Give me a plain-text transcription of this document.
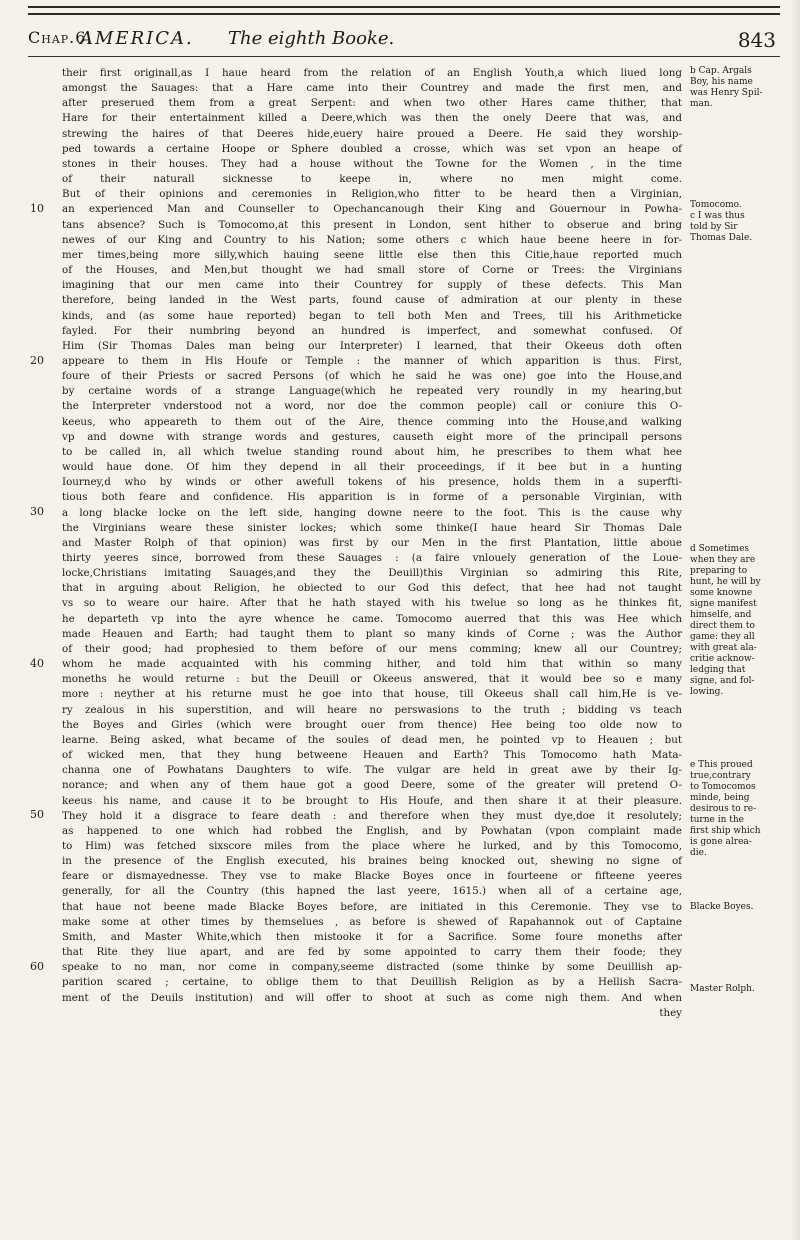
Chap.6.
AMERICA. The eighth Booke.	843
10
20
30
40
50
60

their first originall,as I haue heard from the relation of an English Youth,a which liued long

amongst the Sauages: that a Hare came into their Countrey and made the first men, and

after preserued them from a great Serpent: and when two other Hares came thither, that

Hare for their entertainment killed a Deere,which was then the onely Deere that was, and

strewing the haires of that Deeres hide,euery haire proued a Deere. He said they worship-

ped towards a certaine Hoope or Sphere doubled a crosse, which was set vpon an heape of

stones in their houses. They had a house without the Towne for the Women , in the time

of their naturall sicknesse to keepe in, where no men might come.

But of their opinions and ceremonies in Religion,who fitter to be heard then a Virginian,

an experienced Man and Counseller to Opechancanough their King and Gouernour in Powha-

tans absence? Such is Tomocomo,at this present in London, sent hither to obserue and bring

newes of our King and Country to his Nation; some others c which haue beene heere in for-

mer times,being more silly,which hauing seene little else then this Citie,haue reported much

of the Houses, and Men,but thought we had small store of Corne or Trees: the Virginians

imagining that our men came into their Countrey for supply of these defects. This Man

therefore, being landed in the West parts, found cause of admiration at our plenty in these

kinds, and (as some haue reported) began to tell both Men and Trees, till his Arithmeticke

fayled. For their numbring beyond an hundred is imperfect, and somewhat confused. Of

Him (Sir Thomas Dales man being our Interpreter) I learned, that their Okeeus doth often

appeare to them in His Houfe or Temple : the manner of which apparition is thus. First,

foure of their Priests or sacred Persons (of which he said he was one) goe into the House,and

by certaine words of a strange Language(which he repeated very roundly in my hearing,but

the Interpreter vnderstood not a word, nor doe the common people) call or coniure this O-

keeus, who appeareth to them out of the Aire, thence comming into the House,and walking

vp and downe with strange words and gestures, causeth eight more of the principall persons

to be called in, all which twelue standing round about him, he prescribes to them what hee

would haue done. Of him they depend in all their proceedings, if it bee but in a hunting

Iourney,d who by winds or other awefull tokens of his presence, holds them in a superfti-

tious both feare and confidence. His apparition is in forme of a personable Virginian, with

a long blacke locke on the left side, hanging downe neere to the foot. This is the cause why

the Virginians weare these sinister lockes; which some thinke(I haue heard Sir Thomas Dale

and Master Rolph of that opinion) was first by our Men in the first Plantation, little aboue

thirty yeeres since, borrowed from these Sauages : (a faire vnlouely generation of the Loue-

locke,Christians imitating Sauages,and they the Deuill)this Virginian so admiring this Rite,

that in arguing about Religion, he obiected to our God this defect, that hee had not taught

vs so to weare our haire. After that he hath stayed with his twelue so long as he thinkes fit,

he departeth vp into the ayre whence he came. Tomocomo auerred that this was Hee which

made Heauen and Earth; had taught them to plant so many kinds of Corne ; was the Author

of their good; had prophesied to them before of our mens comming; knew all our Countrey;

whom he made acquainted with his comming hither, and told him that within so many

moneths he would returne : but the Deuill or Okeeus answered, that it would bee so e many

more : neyther at his returne must he goe into that house, till Okeeus shall call him,He is ve-

ry zealous in his superstition, and will heare no perswasions to the truth ; bidding vs teach

the Boyes and Girles (which were brought ouer from thence) Hee being too olde now to

learne. Being asked, what became of the soules of dead men, he pointed vp to Heauen ; but

of wicked men, that they hung betweene Heauen and Earth? This Tomocomo hath Mata-

channa one of Powhatans Daughters to wife. The vulgar are held in great awe by their Ig-

norance; and when any of them haue got a good Deere, some of the greater will pretend O-

keeus his name, and cause it to be brought to His Houfe, and then share it at their pleasure.

They hold it a disgrace to feare death : and therefore when they must dye,doe it resolutely;

as happened to one which had robbed the English, and by Powhatan (vpon complaint made

to Him) was fetched sixscore miles from the place where he lurked, and by this Tomocomo,

in the presence of the English executed, his braines being knocked out, shewing no signe of

feare or dismayednesse. They vse to make Blacke Boyes once in fourteene or fifteene yeeres

generally, for all the Country (this hapned the last yeere, 1615.) when all of a certaine age,

that haue not beene made Blacke Boyes before, are initiated in this Ceremonie. They vse to

make some at other times by themselues , as before is shewed of Rapahannok out of Captaine

Smith, and Master White,which then mistooke it for a Sacrifice. Some foure moneths after

that Rite they liue apart, and are fed by some appointed to carry them their foode; they

speake to no man, nor come in company,seeme distracted (some thinke by some Deuillish ap-

parition scared ; certaine, to oblige them to that Deuillish Religion as by a Hellish Sacra-

ment of the Deuils institution) and will offer to shoot at such as come nigh them. And when

they

b Cap. Argals
Boy, his name
was Henry Spil-
man.
Tomocomo.
c I was thus
told by Sir
Thomas Dale.
d Sometimes
when they are
preparing to
hunt, he will by
some knowne
signe manifest
himselfe, and
direct them to
game: they all
with great ala-
critie acknow-
ledging that
signe, and fol-
lowing.
e This proued
true,contrary
to Tomocomos
minde, being
desirous to re-
turne in the
first ship which
is gone alrea-
die.
Blacke Boyes.
Master Rolph.
